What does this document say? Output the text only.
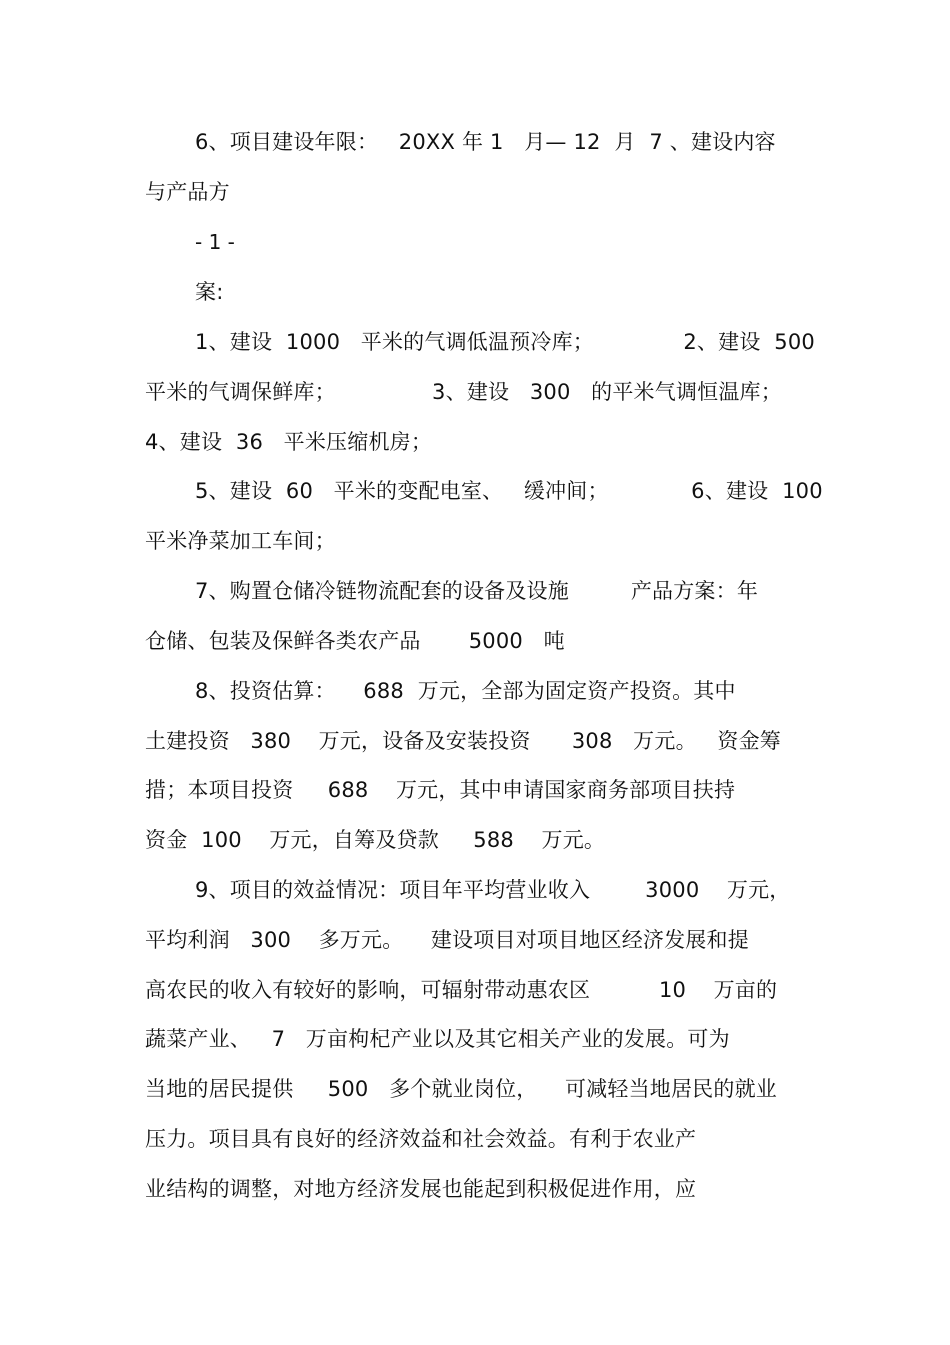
6、项目建设年限：   20XX 年 1   月— 12  月  7 、建设内容
与产品方
- 1 -
案:
1、建设  1000   平米的气调低温预冷库；             2、建设  500
平米的气调保鲜库；              3、建设   300   的平米气调恒温库；
4、建设  36   平米压缩机房；
5、建设  60   平米的变配电室、   缓冲间；            6、建设  100
平米净菜加工车间；
7、购置仓储冷链物流配套的设备及设施         产品方案：年
仓储、包装及保鲜各类农产品       5000   吨
8、投资估算：    688  万元，全部为固定资产投资。其中
土建投资   380    万元，设备及安装投资      308   万元。   资金筹
措；本项目投资     688    万元，其中申请国家商务部项目扶持
资金  100    万元，自筹及贷款     588    万元。
9、项目的效益情况：项目年平均营业收入        3000    万元，
平均利润   300    多万元。    建设项目对项目地区经济发展和提
高农民的收入有较好的影响，可辐射带动惠农区          10    万亩的
蔬菜产业、   7   万亩枸杞产业以及其它相关产业的发展。可为
当地的居民提供     500   多个就业岗位，    可减轻当地居民的就业
压力。项目具有良好的经济效益和社会效益。有利于农业产
业结构的调整，对地方经济发展也能起到积极促进作用，应
